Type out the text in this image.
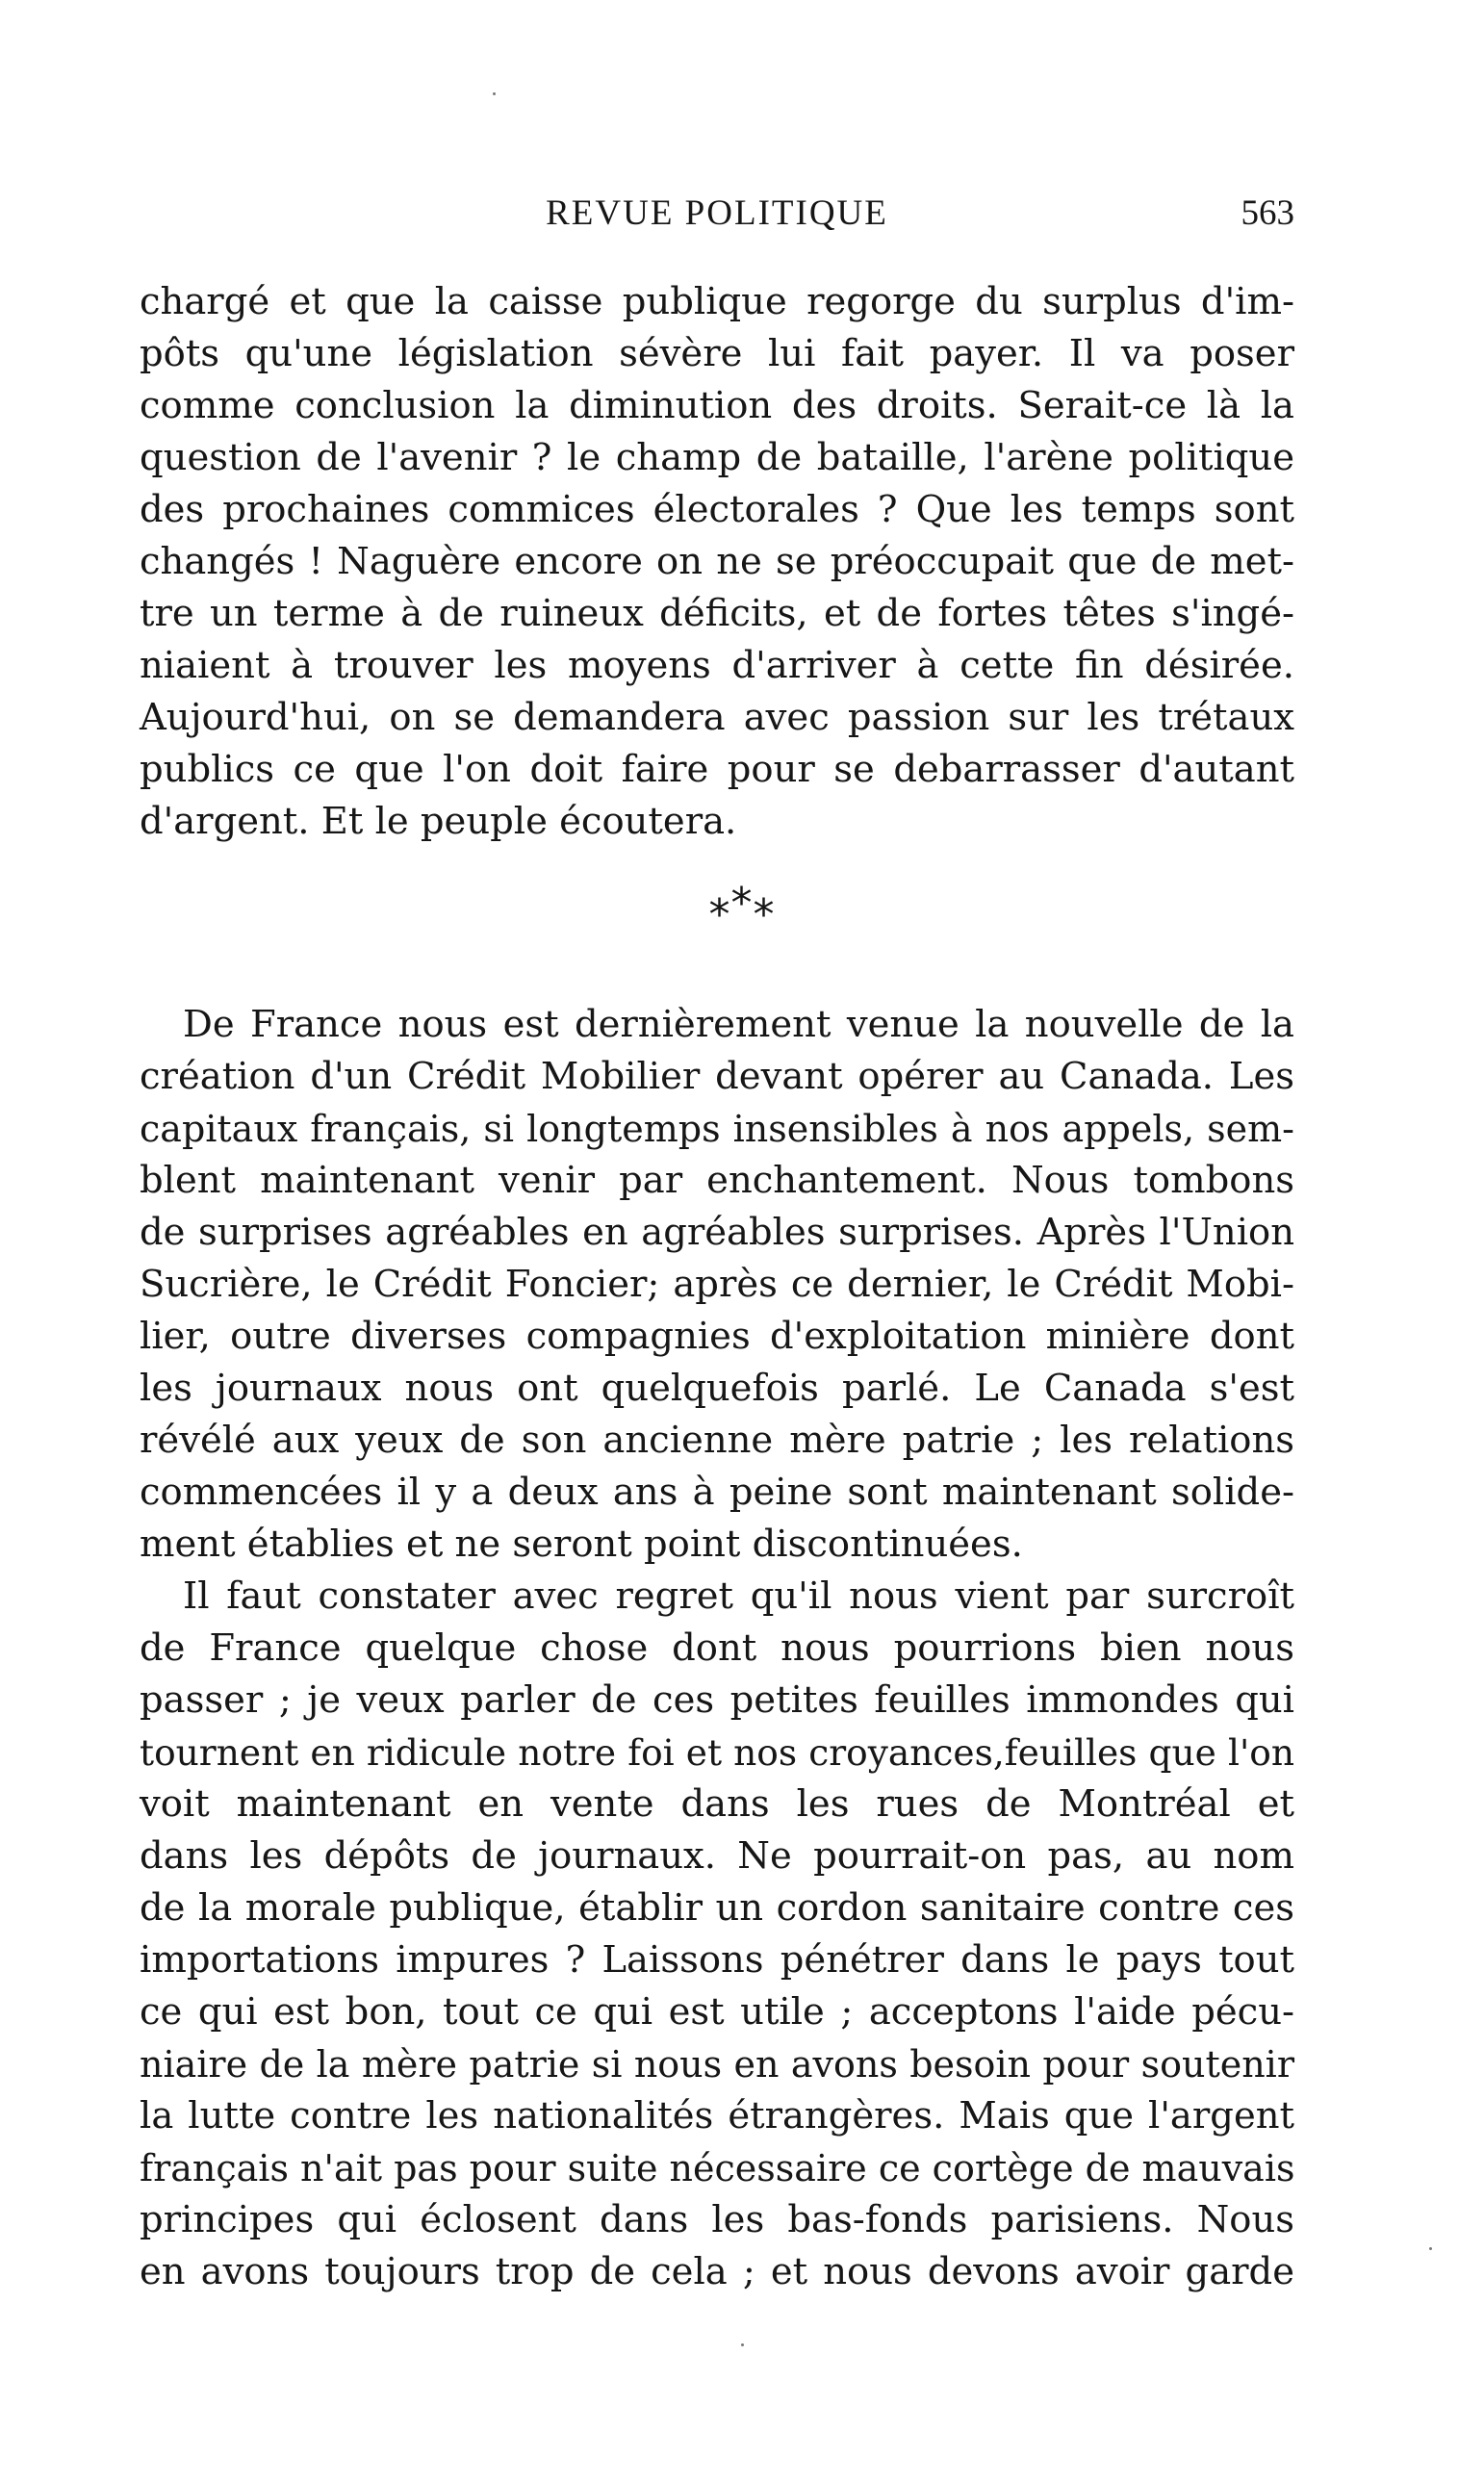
REVUE POLITIQUE	563
chargé et que la caisse publique regorge du surplus d'im-
pôts qu'une législation sévère lui fait payer. Il va poser
comme conclusion la diminution des droits. Serait-ce là la
question de l'avenir ? le champ de bataille, l'arène politique
des prochaines commices électorales ? Que les temps sont
changés ! Naguère encore on ne se préoccupait que de met-
tre un terme à de ruineux déficits, et de fortes têtes s'ingé-
niaient à trouver les moyens d'arriver à cette fin désirée.
Aujourd'hui, on se demandera avec passion sur les trétaux
publics ce que l'on doit faire pour se debarrasser d'autant
d'argent. Et le peuple écoutera.
***
De France nous est dernièrement venue la nouvelle de la
création d'un Crédit Mobilier devant opérer au Canada. Les
capitaux français, si longtemps insensibles à nos appels, sem-
blent maintenant venir par enchantement. Nous tombons
de surprises agréables en agréables surprises. Après l'Union
Sucrière, le Crédit Foncier; après ce dernier, le Crédit Mobi-
lier, outre diverses compagnies d'exploitation minière dont
les journaux nous ont quelquefois parlé. Le Canada s'est
révélé aux yeux de son ancienne mère patrie ; les relations
commencées il y a deux ans à peine sont maintenant solide-
ment établies et ne seront point discontinuées.
Il faut constater avec regret qu'il nous vient par surcroît
de France quelque chose dont nous pourrions bien nous
passer ; je veux parler de ces petites feuilles immondes qui
tournent en ridicule notre foi et nos croyances,feuilles que l'on
voit maintenant en vente dans les rues de Montréal et
dans les dépôts de journaux. Ne pourrait-on pas, au nom
de la morale publique, établir un cordon sanitaire contre ces
importations impures ? Laissons pénétrer dans le pays tout
ce qui est bon, tout ce qui est utile ; acceptons l'aide pécu-
niaire de la mère patrie si nous en avons besoin pour soutenir
la lutte contre les nationalités étrangères. Mais que l'argent
français n'ait pas pour suite nécessaire ce cortège de mauvais
principes qui éclosent dans les bas-fonds parisiens. Nous
en avons toujours trop de cela ; et nous devons avoir garde
